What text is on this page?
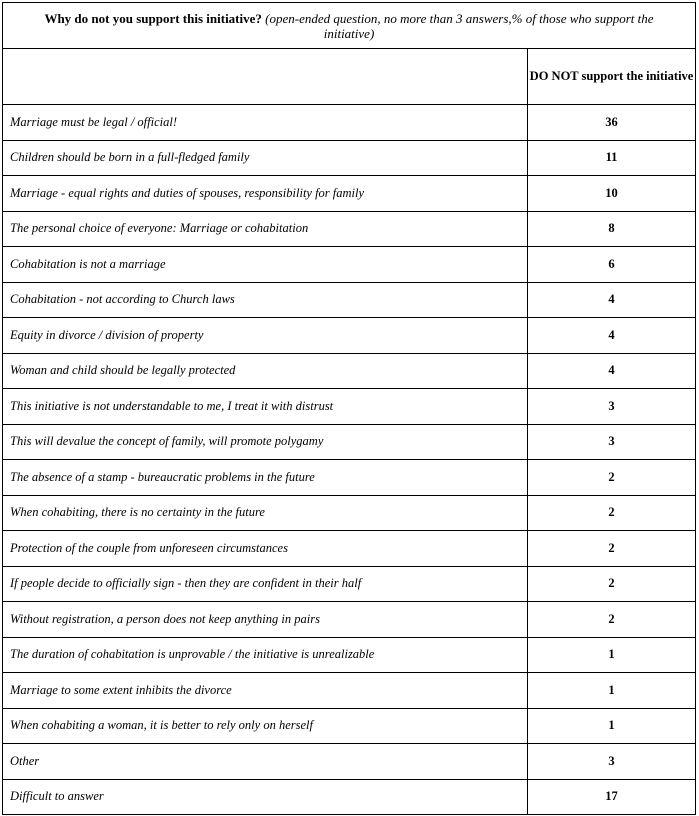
Why do not you support this initiative? (open-ended question, no more than 3 answers,% of those who support the initiative)	
	DO NOT support the initiative
Marriage must be legal / official!	36
Children should be born in a full-fledged family	11
Marriage - equal rights and duties of spouses, responsibility for family	10
The personal choice of everyone: Marriage or cohabitation	8
Cohabitation is not a marriage	6
Cohabitation - not according to Church laws	4
Equity in divorce / division of property	4
Woman and child should be legally protected	4
This initiative is not understandable to me, I treat it with distrust	3
This will devalue the concept of family, will promote polygamy	3
The absence of a stamp - bureaucratic problems in the future	2
When cohabiting, there is no certainty in the future	2
Protection of the couple from unforeseen circumstances	2
If people decide to officially sign - then they are confident in their half	2
Without registration, a person does not keep anything in pairs	2
The duration of cohabitation is unprovable / the initiative is unrealizable	1
Marriage to some extent inhibits the divorce	1
When cohabiting a woman, it is better to rely only on herself	1
Other	3
Difficult to answer	17
